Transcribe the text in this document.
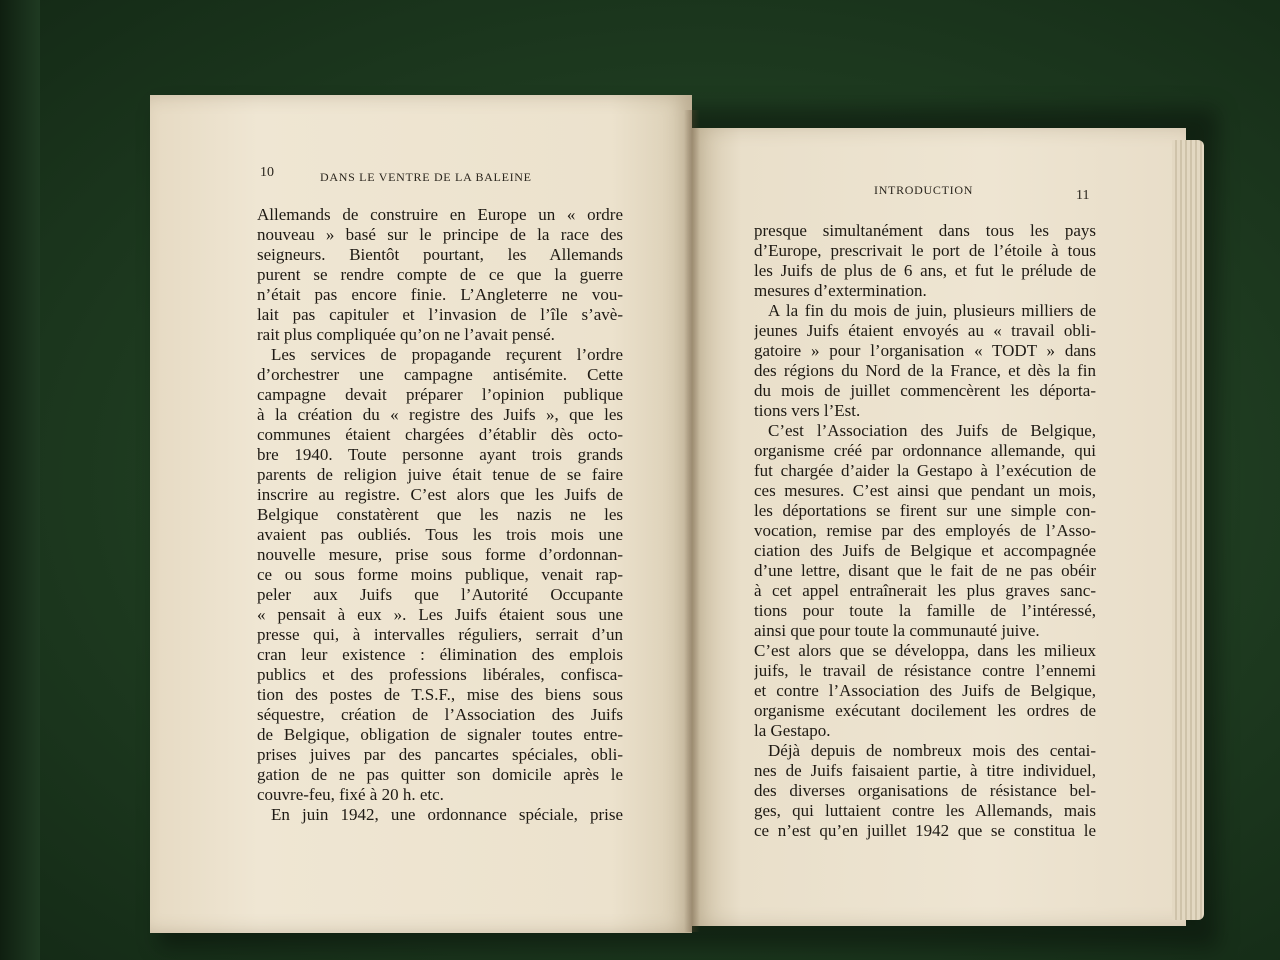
INTRODUCTION	11
presque simultanément dans tous les pays
d’Europe, prescrivait le port de l’étoile à tous
les Juifs de plus de 6 ans, et fut le prélude de
mesures d’extermination.
A la fin du mois de juin, plusieurs milliers de
jeunes Juifs étaient envoyés au « travail obli-
gatoire » pour l’organisation « TODT » dans
des régions du Nord de la France, et dès la fin
du mois de juillet commencèrent les déporta-
tions vers l’Est.
C’est l’Association des Juifs de Belgique,
organisme créé par ordonnance allemande, qui
fut chargée d’aider la Gestapo à l’exécution de
ces mesures. C’est ainsi que pendant un mois,
les déportations se firent sur une simple con-
vocation, remise par des employés de l’Asso-
ciation des Juifs de Belgique et accompagnée
d’une lettre, disant que le fait de ne pas obéir
à cet appel entraînerait les plus graves sanc-
tions pour toute la famille de l’intéressé,
ainsi que pour toute la communauté juive.
C’est alors que se développa, dans les milieux
juifs, le travail de résistance contre l’ennemi
et contre l’Association des Juifs de Belgique,
organisme exécutant docilement les ordres de
la Gestapo.
Déjà depuis de nombreux mois des centai-
nes de Juifs faisaient partie, à titre individuel,
des diverses organisations de résistance bel-
ges, qui luttaient contre les Allemands, mais
ce n’est qu’en juillet 1942 que se constitua le
10	DANS LE VENTRE DE LA BALEINE
Allemands de construire en Europe un « ordre
nouveau » basé sur le principe de la race des
seigneurs. Bientôt pourtant, les Allemands
purent se rendre compte de ce que la guerre
n’était pas encore finie. L’Angleterre ne vou-
lait pas capituler et l’invasion de l’île s’avè-
rait plus compliquée qu’on ne l’avait pensé.
Les services de propagande reçurent l’ordre
d’orchestrer une campagne antisémite. Cette
campagne devait préparer l’opinion publique
à la création du « registre des Juifs », que les
communes étaient chargées d’établir dès octo-
bre 1940. Toute personne ayant trois grands
parents de religion juive était tenue de se faire
inscrire au registre. C’est alors que les Juifs de
Belgique constatèrent que les nazis ne les
avaient pas oubliés. Tous les trois mois une
nouvelle mesure, prise sous forme d’ordonnan-
ce ou sous forme moins publique, venait rap-
peler aux Juifs que l’Autorité Occupante
« pensait à eux ». Les Juifs étaient sous une
presse qui, à intervalles réguliers, serrait d’un
cran leur existence : élimination des emplois
publics et des professions libérales, confisca-
tion des postes de T.S.F., mise des biens sous
séquestre, création de l’Association des Juifs
de Belgique, obligation de signaler toutes entre-
prises juives par des pancartes spéciales, obli-
gation de ne pas quitter son domicile après le
couvre-feu, fixé à 20 h. etc.
En juin 1942, une ordonnance spéciale, prise
